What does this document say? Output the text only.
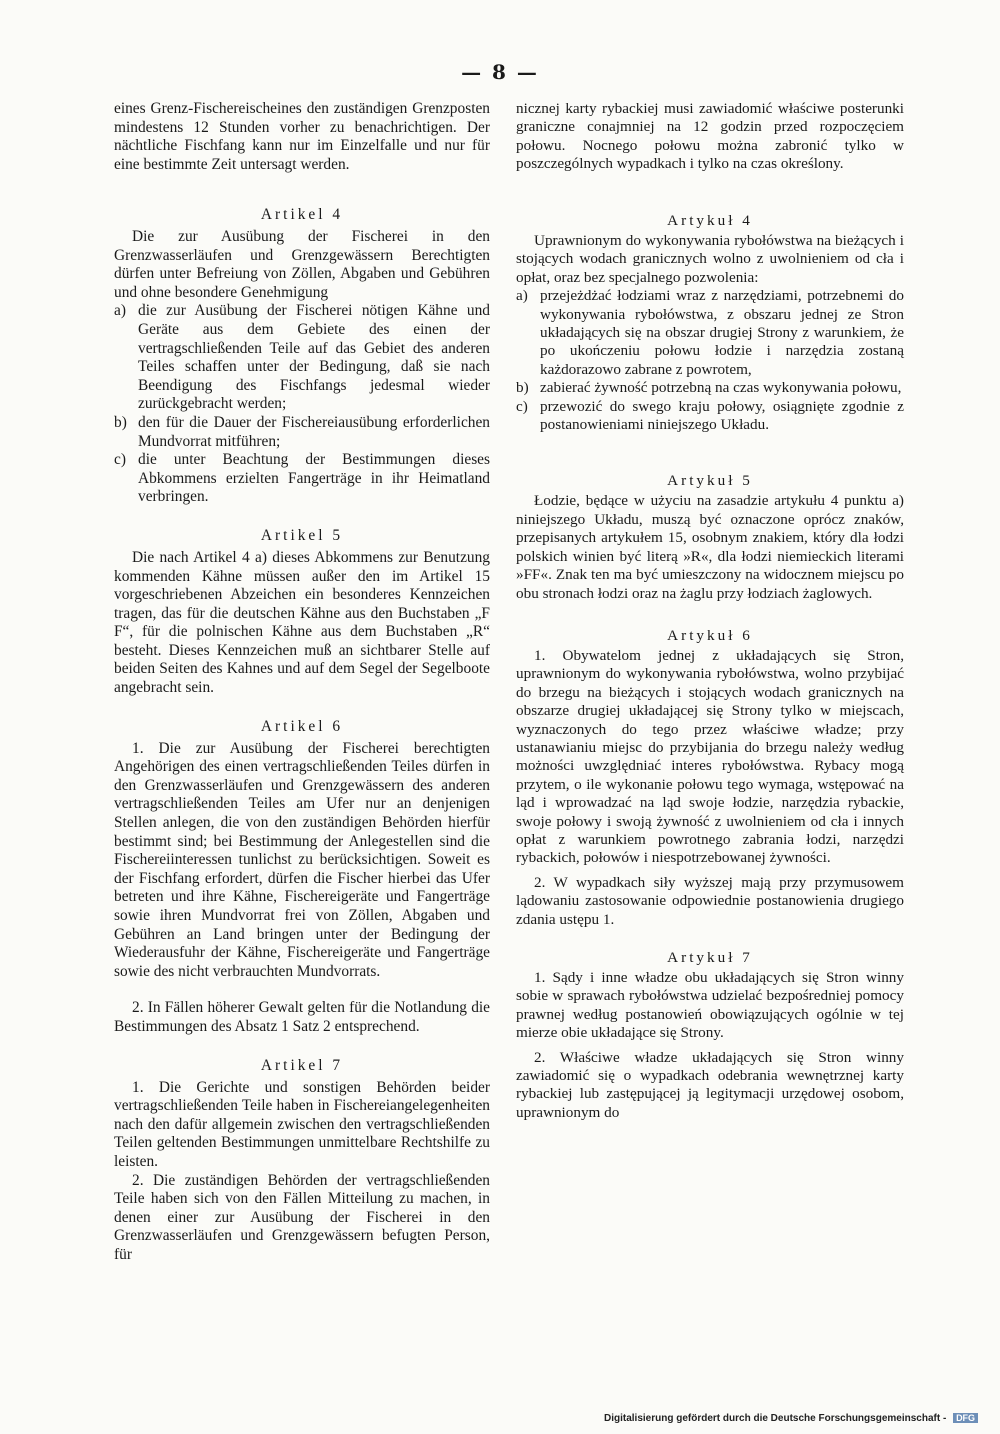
— 8 —

eines Grenz-Fischereischeines den zuständigen Grenzposten mindestens 12 Stunden vorher zu benachrichtigen. Der nächtliche Fischfang kann nur im Einzelfalle und nur für eine bestimmte Zeit untersagt werden.

Artikel 4

Die zur Ausübung der Fischerei in den Grenzwasserläufen und Grenzgewässern Berechtigten dürfen unter Befreiung von Zöllen, Abgaben und Gebühren und ohne besondere Genehmigung

a) die zur Ausübung der Fischerei nötigen Kähne und Geräte aus dem Gebiete des einen der vertragschließenden Teile auf das Gebiet des anderen Teiles schaffen unter der Bedingung, daß sie nach Beendigung des Fischfangs jedesmal wieder zurückgebracht werden;
b) den für die Dauer der Fischereiausübung erforderlichen Mundvorrat mitführen;
c) die unter Beachtung der Bestimmungen dieses Abkommens erzielten Fangerträge in ihr Heimatland verbringen.

Artikel 5

Die nach Artikel 4 a) dieses Abkommens zur Benutzung kommenden Kähne müssen außer den im Artikel 15 vorgeschriebenen Abzeichen ein besonderes Kennzeichen tragen, das für die deutschen Kähne aus den Buchstaben „F F“, für die polnischen Kähne aus dem Buchstaben „R“ besteht. Dieses Kennzeichen muß an sichtbarer Stelle auf beiden Seiten des Kahnes und auf dem Segel der Segelboote angebracht sein.

Artikel 6

1. Die zur Ausübung der Fischerei berechtigten Angehörigen des einen vertragschließenden Teiles dürfen in den Grenzwasserläufen und Grenzgewässern des anderen vertragschließenden Teiles am Ufer nur an denjenigen Stellen anlegen, die von den zuständigen Behörden hierfür bestimmt sind; bei Bestimmung der Anlegestellen sind die Fischereiinteressen tunlichst zu berücksichtigen. Soweit es der Fischfang erfordert, dürfen die Fischer hierbei das Ufer betreten und ihre Kähne, Fischereigeräte und Fangerträge sowie ihren Mundvorrat frei von Zöllen, Abgaben und Gebühren an Land bringen unter der Bedingung der Wiederausfuhr der Kähne, Fischereigeräte und Fangerträge sowie des nicht verbrauchten Mundvorrats.

2. In Fällen höherer Gewalt gelten für die Notlandung die Bestimmungen des Absatz 1 Satz 2 entsprechend.

Artikel 7

1. Die Gerichte und sonstigen Behörden beider vertragschließenden Teile haben in Fischereiangelegenheiten nach den dafür allgemein zwischen den vertragschließenden Teilen geltenden Bestimmungen unmittelbare Rechtshilfe zu leisten.

2. Die zuständigen Behörden der vertragschließenden Teile haben sich von den Fällen Mitteilung zu machen, in denen einer zur Ausübung der Fischerei in den Grenzwasserläufen und Grenzgewässern befugten Person, für

nicznej karty rybackiej musi zawiadomić właściwe posterunki graniczne conajmniej na 12 godzin przed rozpoczęciem połowu. Nocnego połowu można zabronić tylko w poszczególnych wypadkach i tylko na czas określony.

Artykuł 4

Uprawnionym do wykonywania rybołówstwa na bieżących i stojących wodach granicznych wolno z uwolnieniem od cła i opłat, oraz bez specjalnego pozwolenia:

a) przejeżdżać łodziami wraz z narzędziami, potrzebnemi do wykonywania rybołówstwa, z obszaru jednej ze Stron układających się na obszar drugiej Strony z warunkiem, że po ukończeniu połowu łodzie i narzędzia zostaną każdorazowo zabrane z powrotem,
b) zabierać żywność potrzebną na czas wykonywania połowu,
c) przewozić do swego kraju połowy, osiągnięte zgodnie z postanowieniami niniejszego Układu.

Artykuł 5

Łodzie, będące w użyciu na zasadzie artykułu 4 punktu a) niniejszego Układu, muszą być oznaczone oprócz znaków, przepisanych artykułem 15, osobnym znakiem, który dla łodzi polskich winien być literą »R«, dla łodzi niemieckich literami »FF«. Znak ten ma być umieszczony na widocznem miejscu po obu stronach łodzi oraz na żaglu przy łodziach żaglowych.

Artykuł 6

1. Obywatelom jednej z układających się Stron, uprawnionym do wykonywania rybołówstwa, wolno przybijać do brzegu na bieżących i stojących wodach granicznych na obszarze drugiej układającej się Strony tylko w miejscach, wyznaczonych do tego przez właściwe władze; przy ustanawianiu miejsc do przybijania do brzegu należy według możności uwzględniać interes rybołówstwa. Rybacy mogą przytem, o ile wykonanie połowu tego wymaga, wstępować na ląd i wprowadzać na ląd swoje łodzie, narzędzia rybackie, swoje połowy i swoją żywność z uwolnieniem od cła i innych opłat z warunkiem powrotnego zabrania łodzi, narzędzi rybackich, połowów i niespotrzebowanej żywności.

2. W wypadkach siły wyższej mają przy przymusowem lądowaniu zastosowanie odpowiednie postanowienia drugiego zdania ustępu 1.

Artykuł 7

1. Sądy i inne władze obu układających się Stron winny sobie w sprawach rybołówstwa udzielać bezpośredniej pomocy prawnej według postanowień obowiązujących ogólnie w tej mierze obie układające się Strony.

2. Właściwe władze układających się Stron winny zawiadomić się o wypadkach odebrania wewnętrznej karty rybackiej lub zastępującej ją legitymacji urzędowej osobom, uprawnionym do

Digitalisierung gefördert durch die Deutsche Forschungsgemeinschaft - DFG
